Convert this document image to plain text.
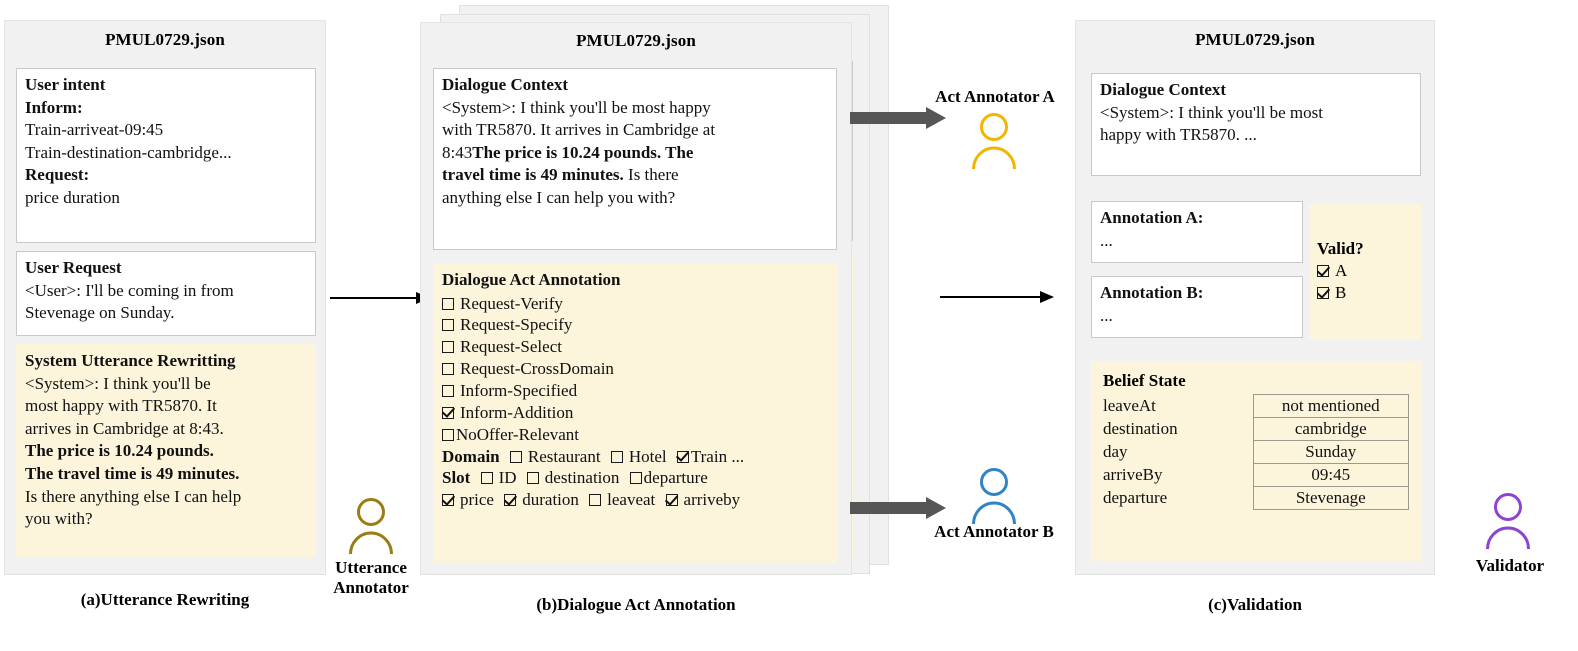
PMUL0729.json
User intent
Inform:
Train-arriveat-09:45
Train-destination-cambridge...
Request:
price duration
User Request
<User>: I'll be coming in from
Stevenage on Sunday.
System Utterance Rewritting
<System>: I think you'll be
most happy with TR5870. It
arrives in Cambridge at 8:43.
The price is 10.24 pounds.
The travel time is 49 minutes.
Is there anything else I can help
you with?
(a)Utterance Rewriting
Utterance
Annotator
PMUL0729.json
Dialogue Context
<System>: I think you'll be most happy
with TR5870. It arrives in Cambridge at
8:43The price is 10.24 pounds. The
travel time is 49 minutes. Is there
anything else I can help you with?
Dialogue Act Annotation
Request-Verify
Request-Specify
Request-Select
Request-CrossDomain
Inform-Specified
Inform-Addition
NoOffer-Relevant
Domain Restaurant Hotel Train ...
Slot ID destination departure
price duration leaveat arriveby
(b)Dialogue Act Annotation
Act Annotator A
Act Annotator B
PMUL0729.json
Dialogue Context
<System>: I think you'll be most
happy with TR5870. ...
Annotation A:
...
Annotation B:
...
Valid?
A
B
Belief State
leaveAt	not mentioned
destination	cambridge
day	Sunday
arriveBy	09:45
departure	Stevenage
(c)Validation
Validator
